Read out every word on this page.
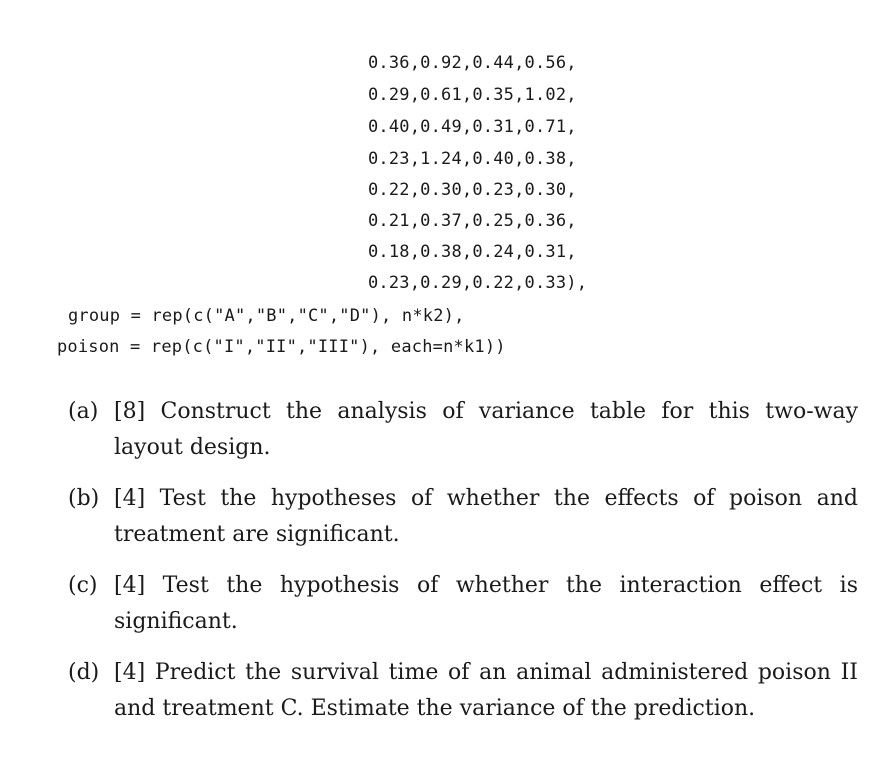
0.36,0.92,0.44,0.56,
0.29,0.61,0.35,1.02,
0.40,0.49,0.31,0.71,
0.23,1.24,0.40,0.38,
0.22,0.30,0.23,0.30,
0.21,0.37,0.25,0.36,
0.18,0.38,0.24,0.31,
0.23,0.29,0.22,0.33),
group = rep(c("A","B","C","D"), n*k2),
poison = rep(c("I","II","III"), each=n*k1))
(a) [8] Construct the analysis of variance table for this two-way layout design.
(b) [4] Test the hypotheses of whether the effects of poison and treatment are significant.
(c) [4] Test the hypothesis of whether the interaction effect is significant.
(d) [4] Predict the survival time of an animal administered poison II and treatment C. Estimate the variance of the prediction.
